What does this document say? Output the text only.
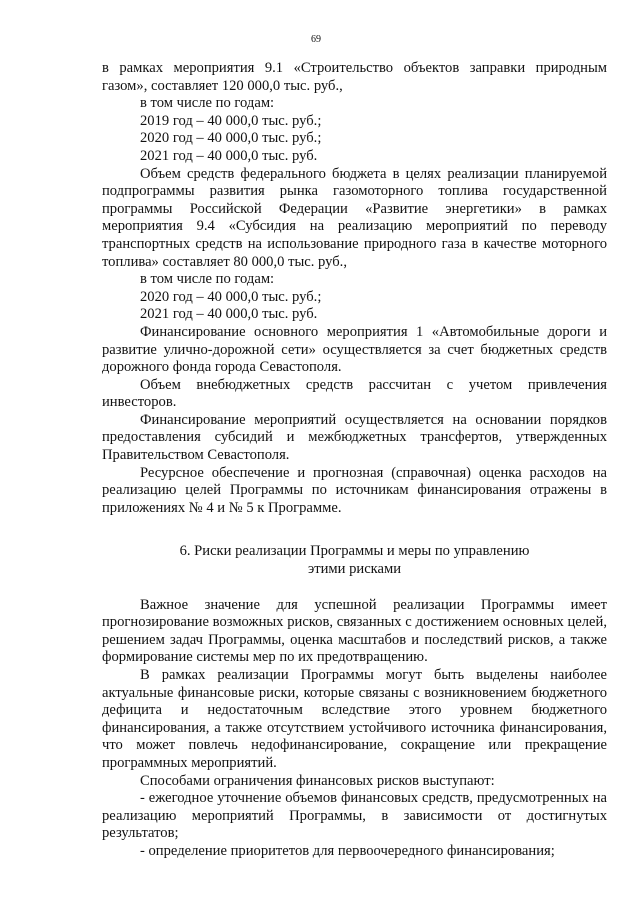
69

в рамках мероприятия 9.1 «Строительство объектов заправки природным газом», составляет 120 000,0 тыс. руб.,

в том числе по годам:

2019 год – 40 000,0 тыс. руб.;

2020 год – 40 000,0 тыс. руб.;

2021 год – 40 000,0 тыс. руб.

Объем средств федерального бюджета в целях реализации планируемой подпрограммы развития рынка газомоторного топлива государственной программы Российской Федерации «Развитие энергетики» в рамках мероприятия 9.4 «Субсидия на реализацию мероприятий по переводу транспортных средств на использование природного газа в качестве моторного топлива» составляет 80 000,0 тыс. руб.,

в том числе по годам:

2020 год – 40 000,0 тыс. руб.;

2021 год – 40 000,0 тыс. руб.

Финансирование основного мероприятия 1 «Автомобильные дороги и развитие улично-дорожной сети» осуществляется за счет бюджетных средств дорожного фонда города Севастополя.

Объем внебюджетных средств рассчитан с учетом привлечения инвесторов.

Финансирование мероприятий осуществляется на основании порядков предоставления субсидий и межбюджетных трансфертов, утвержденных Правительством Севастополя.

Ресурсное обеспечение и прогнозная (справочная) оценка расходов на реализацию целей Программы по источникам финансирования отражены в приложениях № 4 и № 5 к Программе.

6. Риски реализации Программы и меры по управлению
этими рисками

Важное значение для успешной реализации Программы имеет прогнозирование возможных рисков, связанных с достижением основных целей, решением задач Программы, оценка масштабов и последствий рисков, а также формирование системы мер по их предотвращению.

В рамках реализации Программы могут быть выделены наиболее актуальные финансовые риски, которые связаны с возникновением бюджетного дефицита и недостаточным вследствие этого уровнем бюджетного финансирования, а также отсутствием устойчивого источника финансирования, что может повлечь недофинансирование, сокращение или прекращение программных мероприятий.

Способами ограничения финансовых рисков выступают:

- ежегодное уточнение объемов финансовых средств, предусмотренных на реализацию мероприятий Программы, в зависимости от достигнутых результатов;

- определение приоритетов для первоочередного финансирования;
